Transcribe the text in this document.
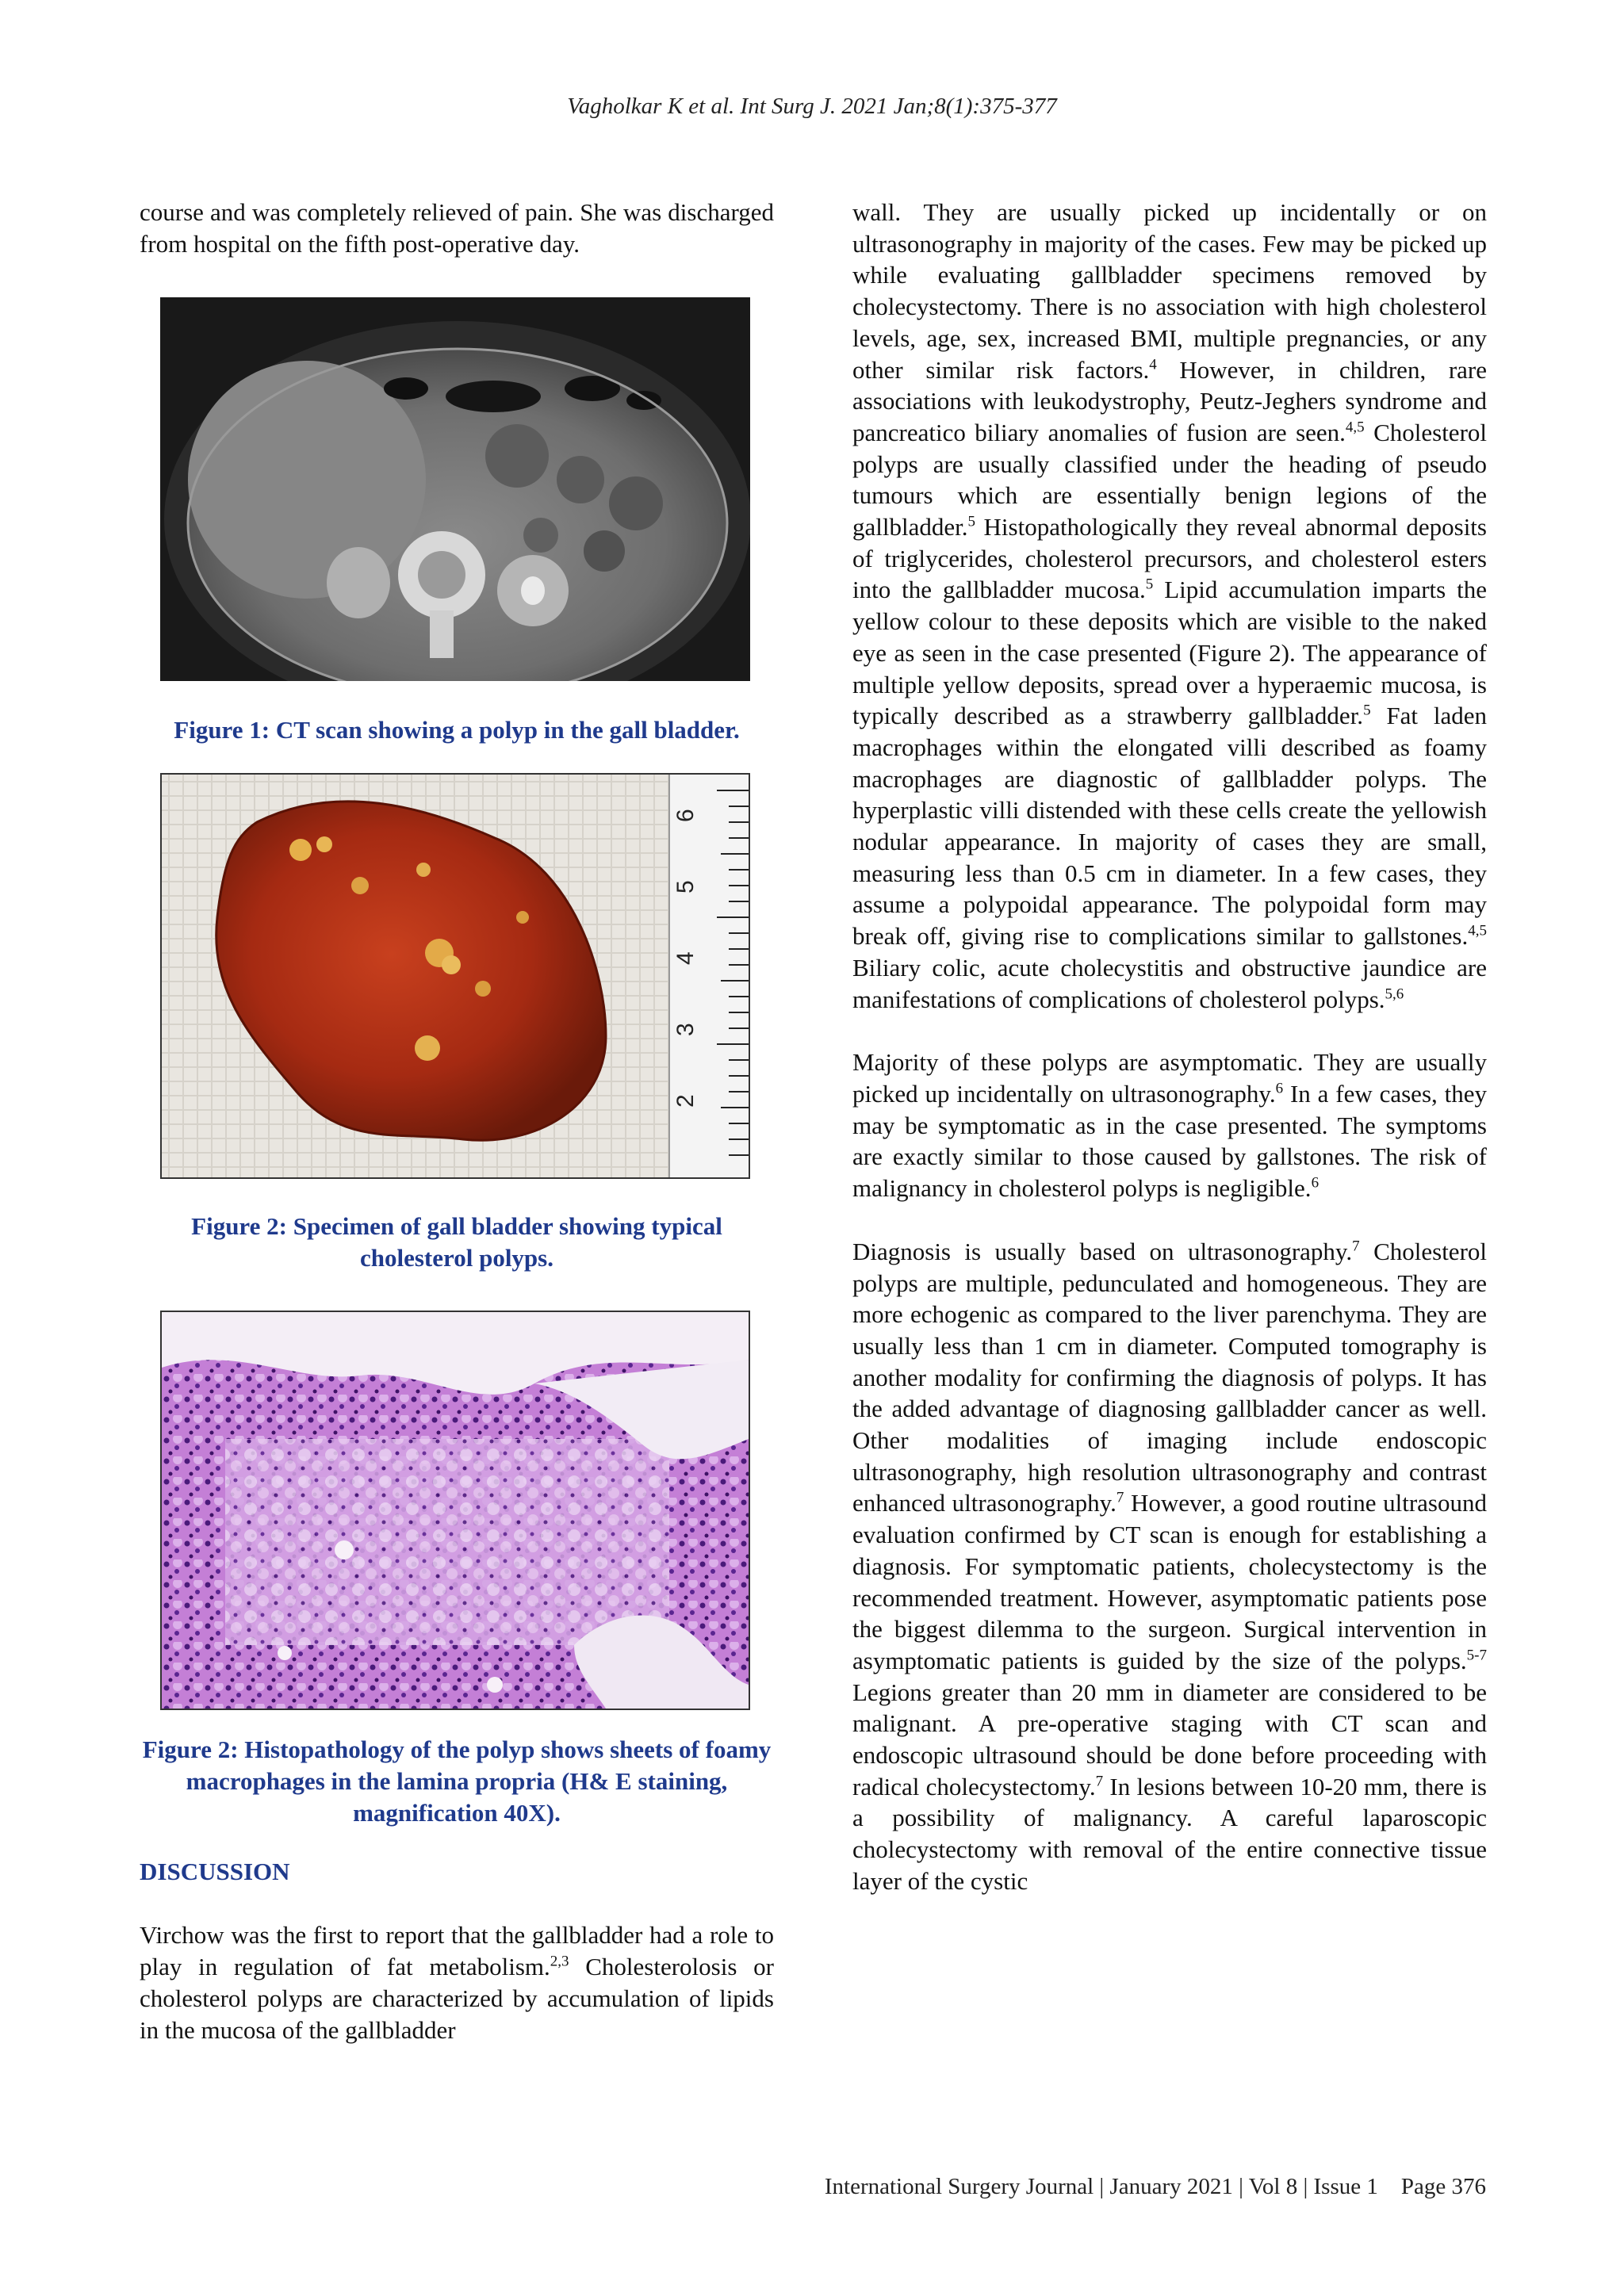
Vagholkar K et al. Int Surg J. 2021 Jan;8(1):375-377

course and was completely relieved of pain. She was discharged from hospital on the fifth post-operative day.

Figure 1: CT scan showing a polyp in the gall bladder.

6
5
4
3
2

Figure 2: Specimen of gall bladder showing typical cholesterol polyps.

Figure 2: Histopathology of the polyp shows sheets of foamy macrophages in the lamina propria (H& E staining, magnification 40X).

DISCUSSION

Virchow was the first to report that the gallbladder had a role to play in regulation of fat metabolism.$^{2,3}$ Cholesterolosis or cholesterol polyps are characterized by accumulation of lipids in the mucosa of the gallbladder

wall. They are usually picked up incidentally or on ultrasonography in majority of the cases. Few may be picked up while evaluating gallbladder specimens removed by cholecystectomy. There is no association with high cholesterol levels, age, sex, increased BMI, multiple pregnancies, or any other similar risk factors.$^4$ However, in children, rare associations with leukodystrophy, Peutz-Jeghers syndrome and pancreatico biliary anomalies of fusion are seen.$^{4,5}$ Cholesterol polyps are usually classified under the heading of pseudo tumours which are essentially benign legions of the gallbladder.$^5$ Histopathologically they reveal abnormal deposits of triglycerides, cholesterol precursors, and cholesterol esters into the gallbladder mucosa.$^5$ Lipid accumulation imparts the yellow colour to these deposits which are visible to the naked eye as seen in the case presented (Figure 2). The appearance of multiple yellow deposits, spread over a hyperaemic mucosa, is typically described as a strawberry gallbladder.$^5$ Fat laden macrophages within the elongated villi described as foamy macrophages are diagnostic of gallbladder polyps. The hyperplastic villi distended with these cells create the yellowish nodular appearance. In majority of cases they are small, measuring less than 0.5 cm in diameter. In a few cases, they assume a polypoidal appearance. The polypoidal form may break off, giving rise to complications similar to gallstones.$^{4,5}$ Biliary colic, acute cholecystitis and obstructive jaundice are manifestations of complications of cholesterol polyps.$^{5,6}$

Majority of these polyps are asymptomatic. They are usually picked up incidentally on ultrasonography.$^6$ In a few cases, they may be symptomatic as in the case presented. The symptoms are exactly similar to those caused by gallstones. The risk of malignancy in cholesterol polyps is negligible.$^6$

Diagnosis is usually based on ultrasonography.$^7$ Cholesterol polyps are multiple, pedunculated and homogeneous. They are more echogenic as compared to the liver parenchyma. They are usually less than 1 cm in diameter. Computed tomography is another modality for confirming the diagnosis of polyps. It has the added advantage of diagnosing gallbladder cancer as well. Other modalities of imaging include endoscopic ultrasonography, high resolution ultrasonography and contrast enhanced ultrasonography.$^7$ However, a good routine ultrasound evaluation confirmed by CT scan is enough for establishing a diagnosis. For symptomatic patients, cholecystectomy is the recommended treatment. However, asymptomatic patients pose the biggest dilemma to the surgeon. Surgical intervention in asymptomatic patients is guided by the size of the polyps.$^{5-7}$ Legions greater than 20 mm in diameter are considered to be malignant. A pre-operative staging with CT scan and endoscopic ultrasound should be done before proceeding with radical cholecystectomy.$^7$ In lesions between 10-20 mm, there is a possibility of malignancy. A careful laparoscopic cholecystectomy with removal of the entire connective tissue layer of the cystic

International Surgery Journal | January 2021 | Vol 8 | Issue 1    Page 376
